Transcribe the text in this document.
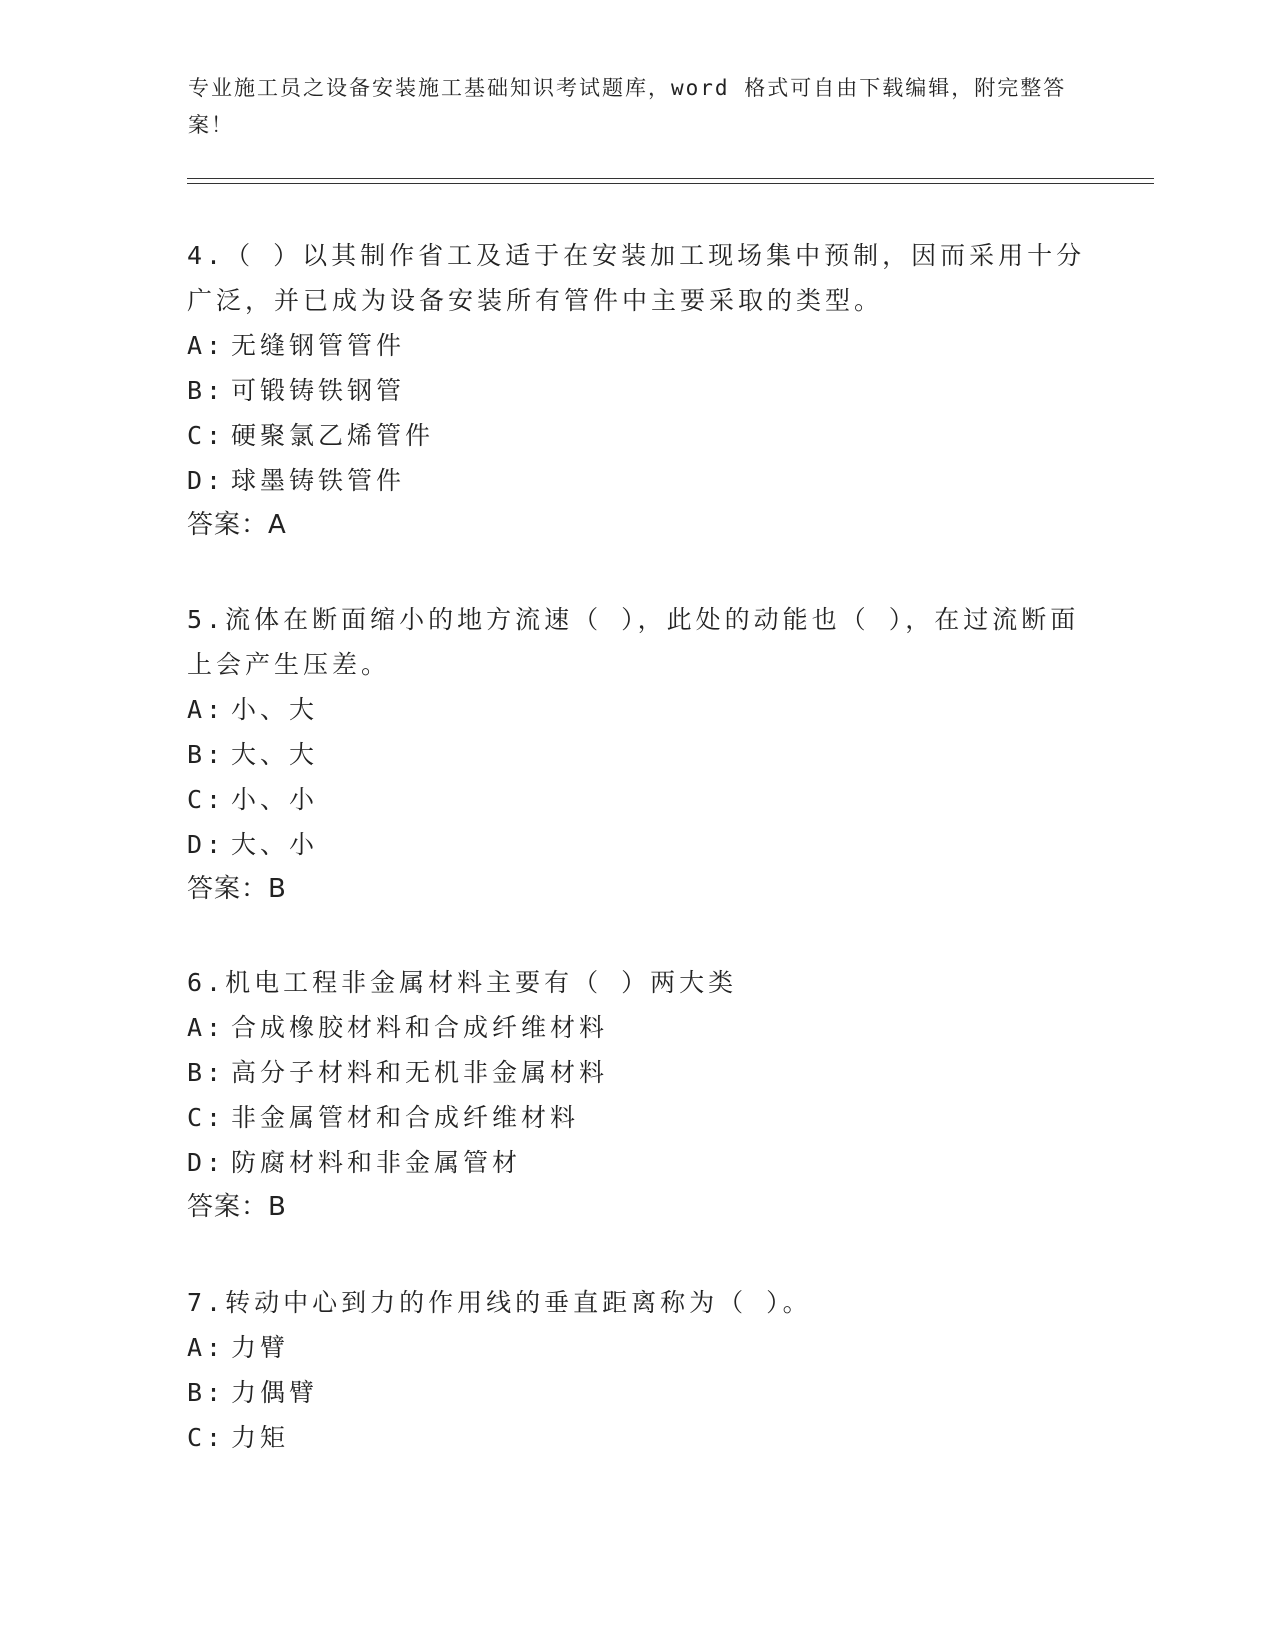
专业施工员之设备安装施工基础知识考试题库，word 格式可自由下载编辑，附完整答案！

4.（ ）以其制作省工及适于在安装加工现场集中预制，因而采用十分广泛，并已成为设备安装所有管件中主要采取的类型。

A: 无缝钢管管件

B: 可锻铸铁钢管

C: 硬聚氯乙烯管件

D: 球墨铸铁管件

答案：A

5.流体在断面缩小的地方流速（ ），此处的动能也（ ），在过流断面上会产生压差。

A: 小、大

B: 大、大

C: 小、小

D: 大、小

答案：B

6.机电工程非金属材料主要有（ ）两大类

A: 合成橡胶材料和合成纤维材料

B: 高分子材料和无机非金属材料

C: 非金属管材和合成纤维材料

D: 防腐材料和非金属管材

答案：B

7.转动中心到力的作用线的垂直距离称为（ ）。

A: 力臂

B: 力偶臂

C: 力矩
